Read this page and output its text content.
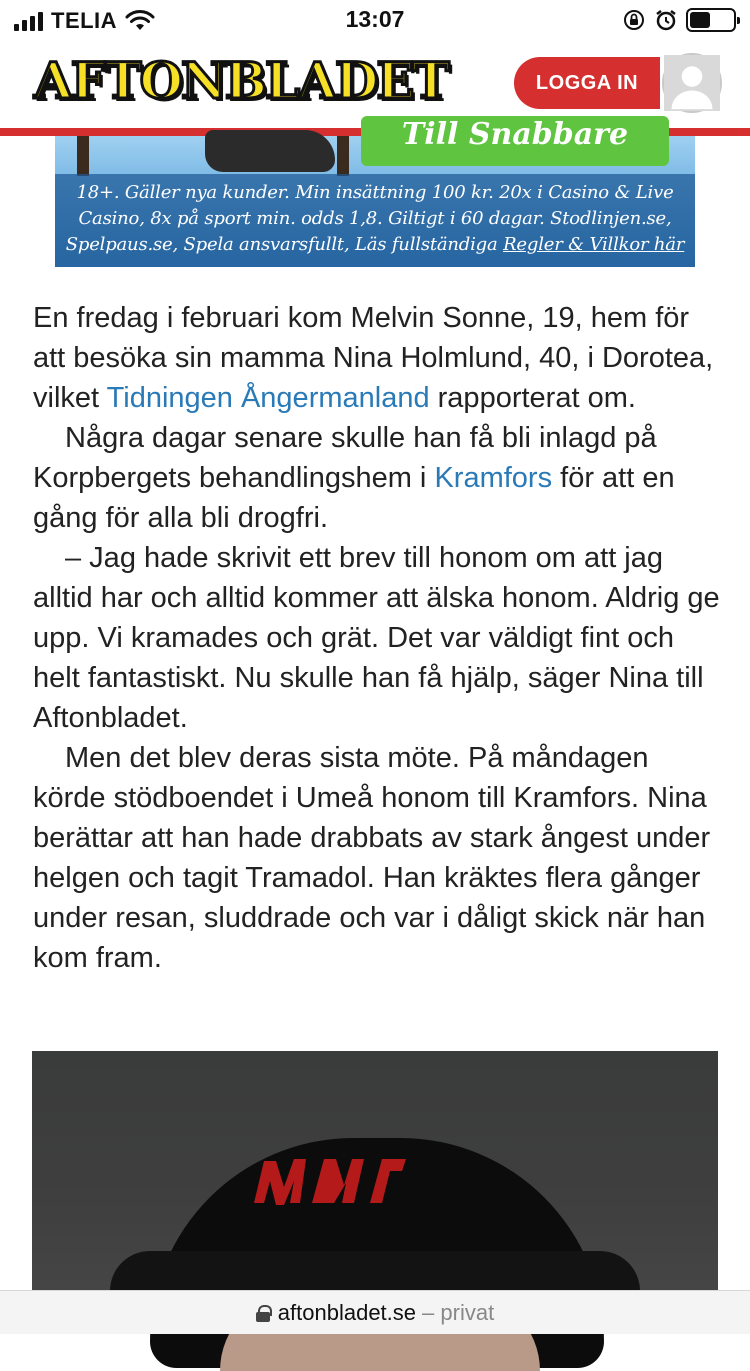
TELIA	13:07
AFTONBLADET	LOGGA IN
Till Snabbare
18+. Gäller nya kunder. Min insättning 100 kr. 20x i Casino & Live
Casino, 8x på sport min. odds 1,8. Giltigt i 60 dagar. Stodlinjen.se,
Spelpaus.se, Spela ansvarsfullt, Läs fullständiga Regler & Villkor här

En fredag i februari kom Melvin Sonne, 19, hem för att besöka sin mamma Nina Holmlund, 40, i Dorotea, vilket Tidningen Ångermanland rapporterat om.

Några dagar senare skulle han få bli inlagd på Korpbergets behandlingshem i Kramfors för att en gång för alla bli drogfri.

– Jag hade skrivit ett brev till honom om att jag alltid har och alltid kommer att älska honom. Aldrig ge upp. Vi kramades och grät. Det var väldigt fint och helt fantastiskt. Nu skulle han få hjälp, säger Nina till Aftonbladet.

Men det blev deras sista möte. På måndagen körde stödboendet i Umeå honom till Kramfors. Nina berättar att han hade drabbats av stark ångest under helgen och tagit Tramadol. Han kräktes flera gånger under resan, sluddrade och var i dåligt skick när han kom fram.

aftonbladet.se – privat
